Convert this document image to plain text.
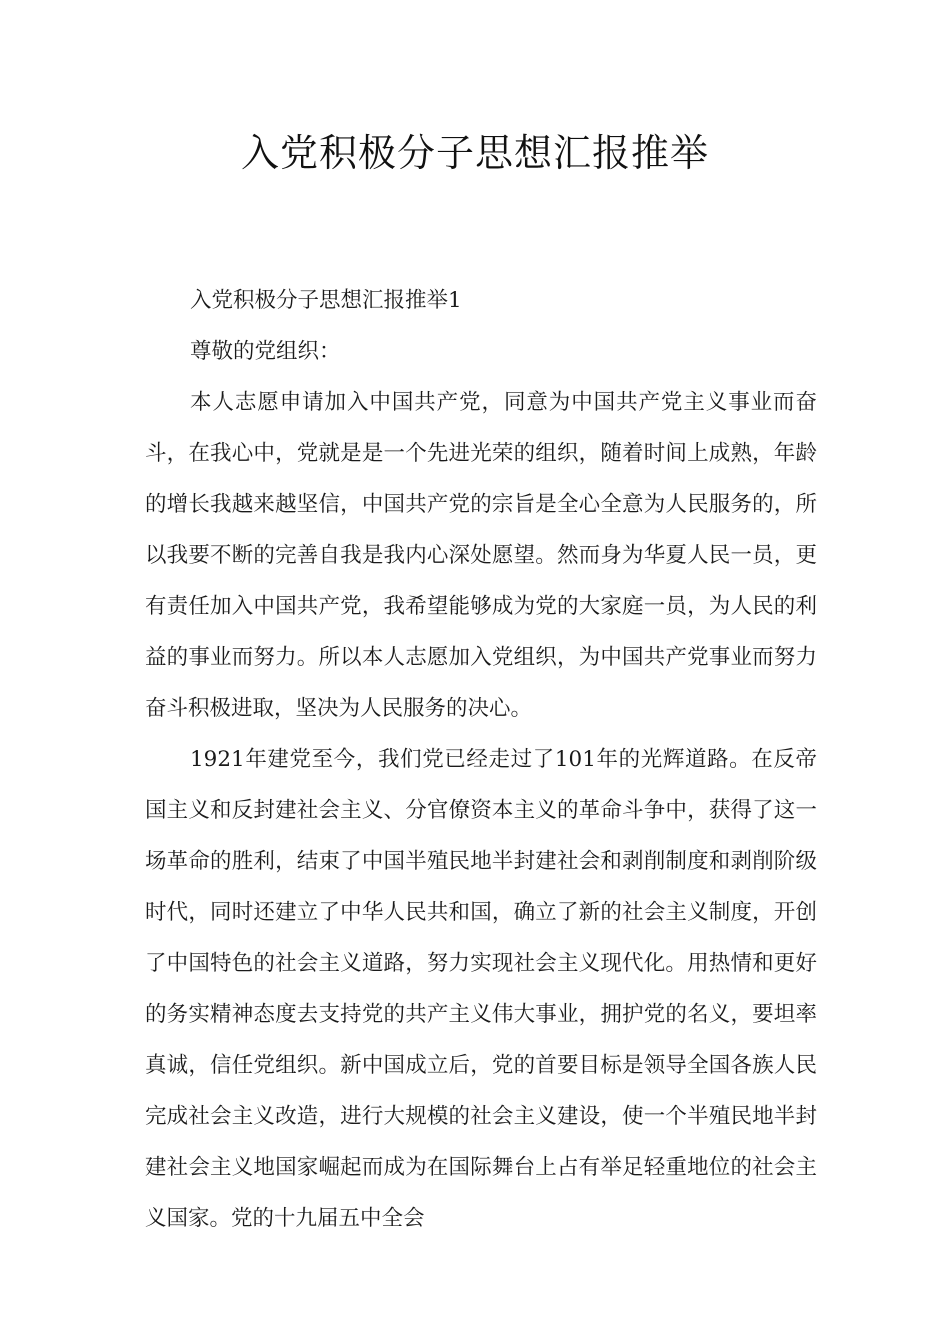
入党积极分子思想汇报推举

入党积极分子思想汇报推举1

尊敬的党组织：

本人志愿申请加入中国共产党，同意为中国共产党主义事业而奋斗，在我心中，党就是是一个先进光荣的组织，随着时间上成熟，年龄的增长我越来越坚信，中国共产党的宗旨是全心全意为人民服务的，所以我要不断的完善自我是我内心深处愿望。然而身为华夏人民一员，更有责任加入中国共产党，我希望能够成为党的大家庭一员，为人民的利益的事业而努力。所以本人志愿加入党组织，为中国共产党事业而努力奋斗积极进取，坚决为人民服务的决心。

1921年建党至今，我们党已经走过了101年的光辉道路。在反帝国主义和反封建社会主义、分官僚资本主义的革命斗争中，获得了这一场革命的胜利，结束了中国半殖民地半封建社会和剥削制度和剥削阶级时代，同时还建立了中华人民共和国，确立了新的社会主义制度，开创了中国特色的社会主义道路，努力实现社会主义现代化。用热情和更好的务实精神态度去支持党的共产主义伟大事业，拥护党的名义，要坦率真诚，信任党组织。新中国成立后，党的首要目标是领导全国各族人民完成社会主义改造，进行大规模的社会主义建设，使一个半殖民地半封建社会主义地国家崛起而成为在国际舞台上占有举足轻重地位的社会主义国家。党的十九届五中全会
